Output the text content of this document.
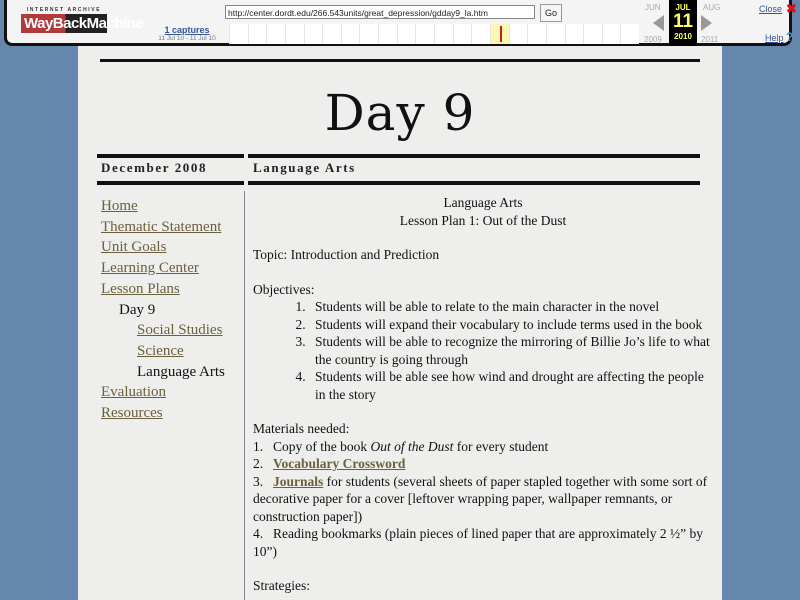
INTERNET ARCHIVE
WayBackMachine
http://center.dordt.edu/266.543units/great_depression/gdday9_la.htm	Go
1 captures
11 Jul 10 - 11 Jul 10
JUN	AUG
2009	2011
JUL
11
2010
Close ✖
Help ?
Day 9
December 2008	Language Arts
Home
Thematic Statement
Unit Goals
Learning Center
Lesson Plans
Day 9
Social Studies
Science
Language Arts
Evaluation
Resources

Language Arts

Lesson Plan 1: Out of the Dust

Topic: Introduction and Prediction

Objectives:

1. Students will be able to relate to the main character in the novel
2. Students will expand their vocabulary to include terms used in the book
3. Students will be able to recognize the mirroring of Billie Jo’s life to what the country is going through
4. Students will be able see how wind and drought are affecting the people in the story

Materials needed:

1. Copy of the book Out of the Dust for every student

2. Vocabulary Crossword

3. Journals for students (several sheets of paper stapled together with some sort of decorative paper for a cover [leftover wrapping paper, wallpaper remnants, or construction paper])

4. Reading bookmarks (plain pieces of lined paper that are approximately 2 ½” by 10”)

Strategies:
